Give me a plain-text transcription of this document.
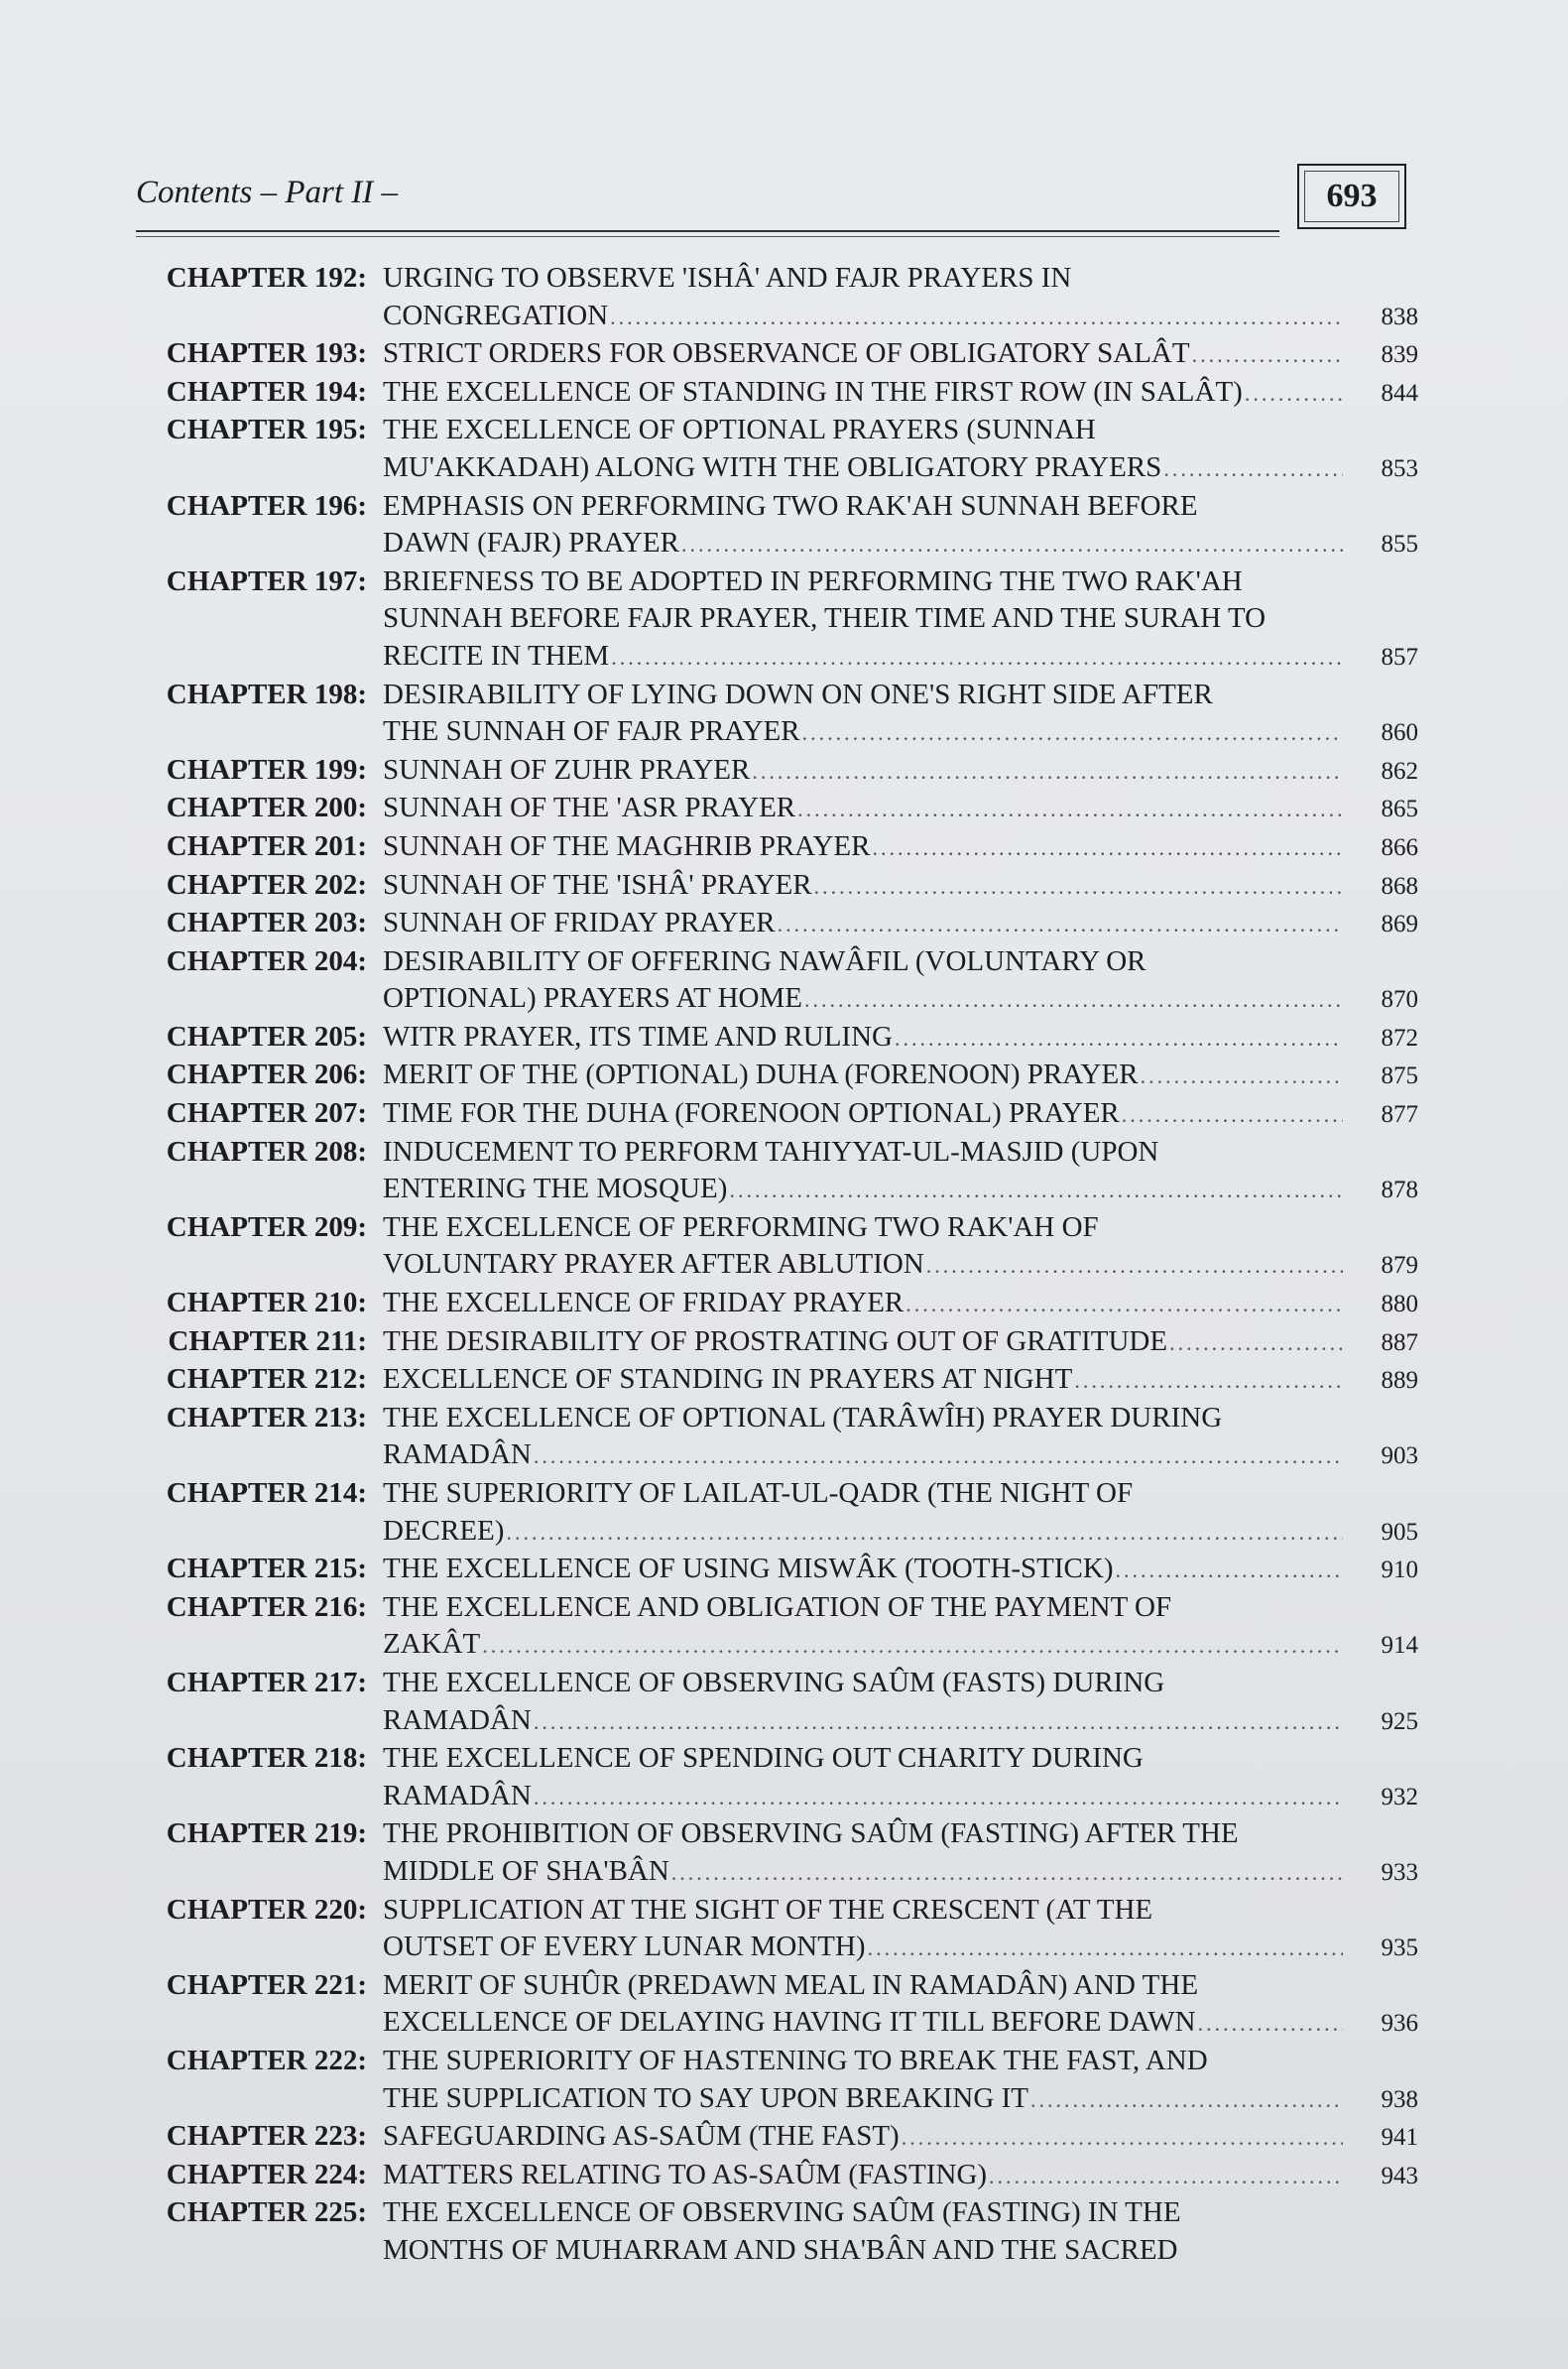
Contents – Part II –	693
CHAPTER 192: URGING TO OBSERVE 'ISHÂ' AND FAJR PRAYERS IN
CONGREGATION .....	838
CHAPTER 193: STRICT ORDERS FOR OBSERVANCE OF OBLIGATORY SALÂT .....	839
CHAPTER 194: THE EXCELLENCE OF STANDING IN THE FIRST ROW (IN SALÂT) .....	844
CHAPTER 195: THE EXCELLENCE OF OPTIONAL PRAYERS (SUNNAH
MU'AKKADAH) ALONG WITH THE OBLIGATORY PRAYERS .....	853
CHAPTER 196: EMPHASIS ON PERFORMING TWO RAK'AH SUNNAH BEFORE
DAWN (FAJR) PRAYER .....	855
CHAPTER 197: BRIEFNESS TO BE ADOPTED IN PERFORMING THE TWO RAK'AH
SUNNAH BEFORE FAJR PRAYER, THEIR TIME AND THE SURAH TO
RECITE IN THEM .....	857
CHAPTER 198: DESIRABILITY OF LYING DOWN ON ONE'S RIGHT SIDE AFTER
THE SUNNAH OF FAJR PRAYER .....	860
CHAPTER 199: SUNNAH OF ZUHR PRAYER .....	862
CHAPTER 200: SUNNAH OF THE 'ASR PRAYER .....	865
CHAPTER 201: SUNNAH OF THE MAGHRIB PRAYER .....	866
CHAPTER 202: SUNNAH OF THE 'ISHÂ' PRAYER .....	868
CHAPTER 203: SUNNAH OF FRIDAY PRAYER .....	869
CHAPTER 204: DESIRABILITY OF OFFERING NAWÂFIL (VOLUNTARY OR
OPTIONAL) PRAYERS AT HOME .....	870
CHAPTER 205: WITR PRAYER, ITS TIME AND RULING .....	872
CHAPTER 206: MERIT OF THE (OPTIONAL) DUHA (FORENOON) PRAYER .....	875
CHAPTER 207: TIME FOR THE DUHA (FORENOON OPTIONAL) PRAYER .....	877
CHAPTER 208: INDUCEMENT TO PERFORM TAHIYYAT-UL-MASJID (UPON
ENTERING THE MOSQUE) .....	878
CHAPTER 209: THE EXCELLENCE OF PERFORMING TWO RAK'AH OF
VOLUNTARY PRAYER AFTER ABLUTION .....	879
CHAPTER 210: THE EXCELLENCE OF FRIDAY PRAYER .....	880
CHAPTER 211: THE DESIRABILITY OF PROSTRATING OUT OF GRATITUDE .....	887
CHAPTER 212: EXCELLENCE OF STANDING IN PRAYERS AT NIGHT .....	889
CHAPTER 213: THE EXCELLENCE OF OPTIONAL (TARÂWÎH) PRAYER DURING
RAMADÂN .....	903
CHAPTER 214: THE SUPERIORITY OF LAILAT-UL-QADR (THE NIGHT OF
DECREE) .....	905
CHAPTER 215: THE EXCELLENCE OF USING MISWÂK (TOOTH-STICK) .....	910
CHAPTER 216: THE EXCELLENCE AND OBLIGATION OF THE PAYMENT OF
ZAKÂT .....	914
CHAPTER 217: THE EXCELLENCE OF OBSERVING SAÛM (FASTS) DURING
RAMADÂN .....	925
CHAPTER 218: THE EXCELLENCE OF SPENDING OUT CHARITY DURING
RAMADÂN .....	932
CHAPTER 219: THE PROHIBITION OF OBSERVING SAÛM (FASTING) AFTER THE
MIDDLE OF SHA'BÂN .....	933
CHAPTER 220: SUPPLICATION AT THE SIGHT OF THE CRESCENT (AT THE
OUTSET OF EVERY LUNAR MONTH) .....	935
CHAPTER 221: MERIT OF SUHÛR (PREDAWN MEAL IN RAMADÂN) AND THE
EXCELLENCE OF DELAYING HAVING IT TILL BEFORE DAWN .....	936
CHAPTER 222: THE SUPERIORITY OF HASTENING TO BREAK THE FAST, AND
THE SUPPLICATION TO SAY UPON BREAKING IT .....	938
CHAPTER 223: SAFEGUARDING AS-SAÛM (THE FAST) .....	941
CHAPTER 224: MATTERS RELATING TO AS-SAÛM (FASTING) .....	943
CHAPTER 225: THE EXCELLENCE OF OBSERVING SAÛM (FASTING) IN THE
MONTHS OF MUHARRAM AND SHA'BÂN AND THE SACRED
